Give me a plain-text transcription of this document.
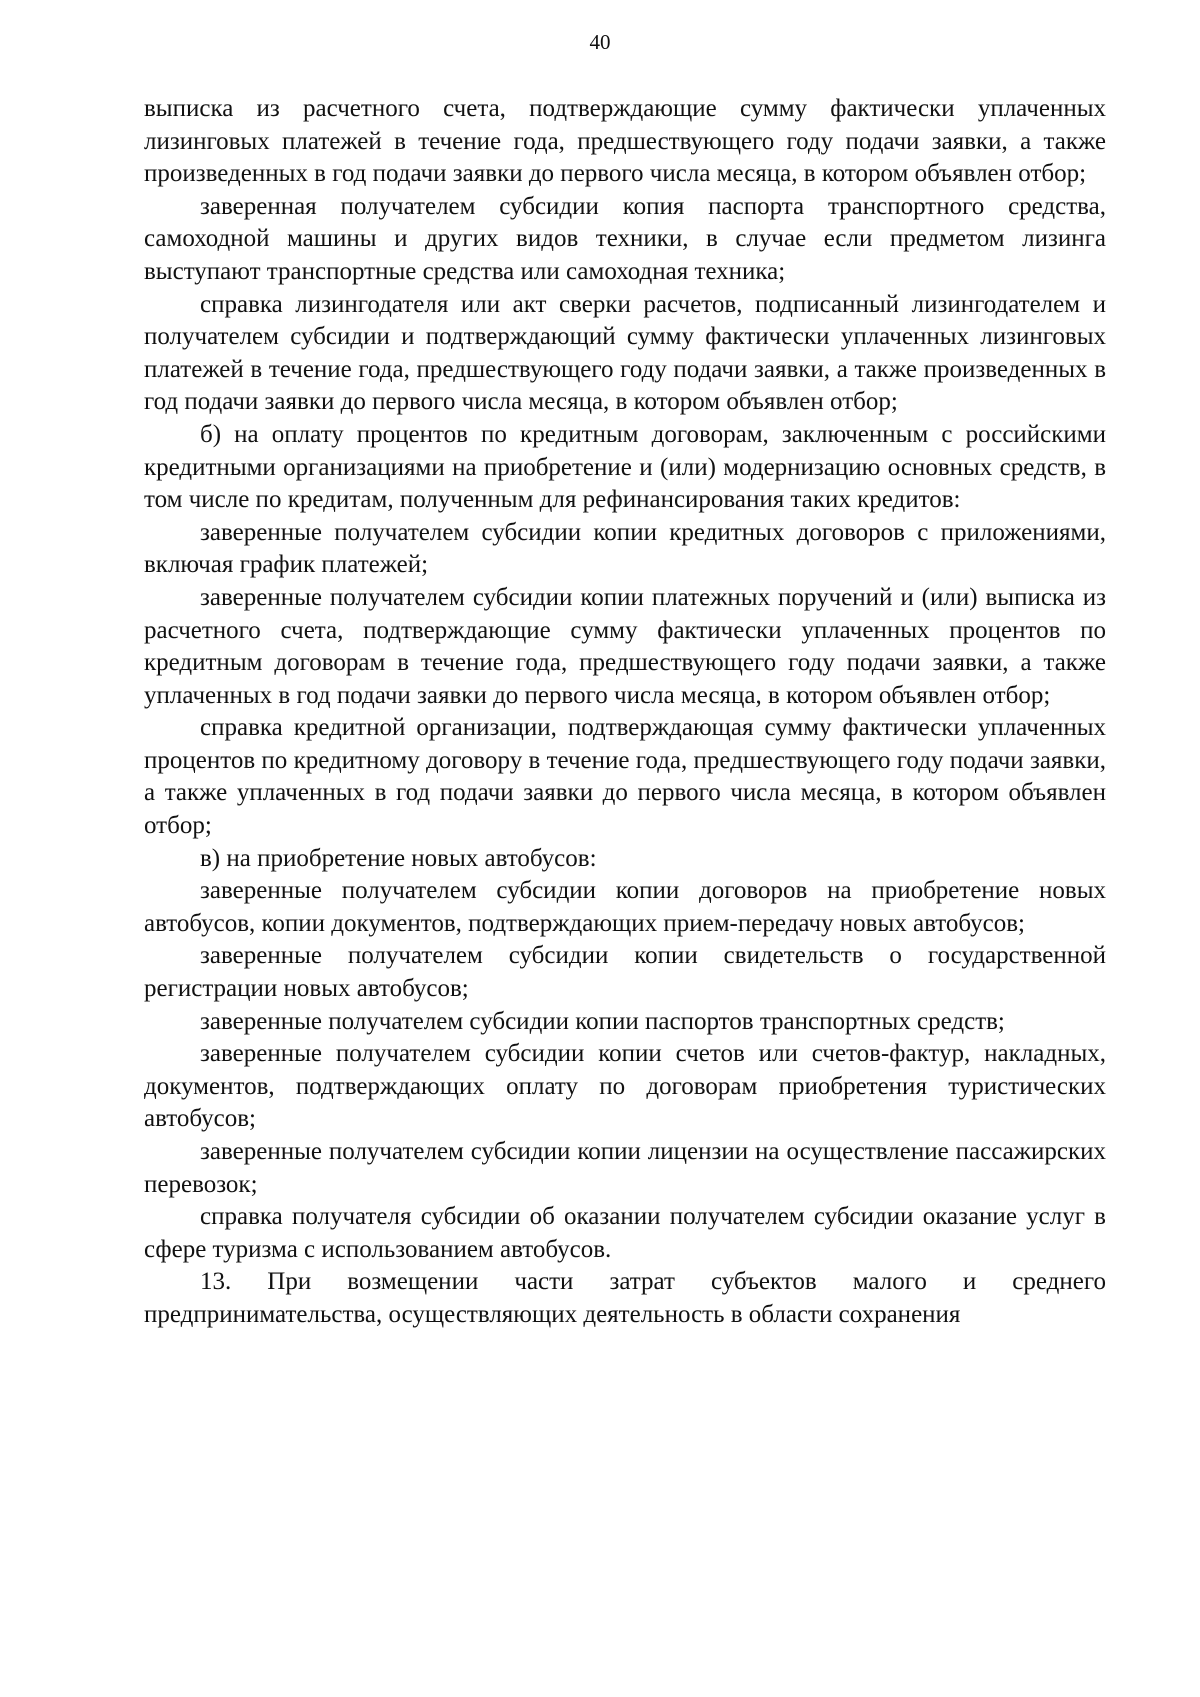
40

выписка из расчетного счета, подтверждающие сумму фактически уплаченных лизинговых платежей в течение года, предшествующего году подачи заявки, а также произведенных в год подачи заявки до первого числа месяца, в котором объявлен отбор;

заверенная получателем субсидии копия паспорта транспортного средства, самоходной машины и других видов техники, в случае если предметом лизинга выступают транспортные средства или самоходная техника;

справка лизингодателя или акт сверки расчетов, подписанный лизингодателем и получателем субсидии и подтверждающий сумму фактически уплаченных лизинговых платежей в течение года, предшествующего году подачи заявки, а также произведенных в год подачи заявки до первого числа месяца, в котором объявлен отбор;

б) на оплату процентов по кредитным договорам, заключенным с российскими кредитными организациями на приобретение и (или) модернизацию основных средств, в том числе по кредитам, полученным для рефинансирования таких кредитов:

заверенные получателем субсидии копии кредитных договоров с приложениями, включая график платежей;

заверенные получателем субсидии копии платежных поручений и (или) выписка из расчетного счета, подтверждающие сумму фактически уплаченных процентов по кредитным договорам в течение года, предшествующего году подачи заявки, а также уплаченных в год подачи заявки до первого числа месяца, в котором объявлен отбор;

справка кредитной организации, подтверждающая сумму фактически уплаченных процентов по кредитному договору в течение года, предшествующего году подачи заявки, а также уплаченных в год подачи заявки до первого числа месяца, в котором объявлен отбор;

в) на приобретение новых автобусов:

заверенные получателем субсидии копии договоров на приобретение новых автобусов, копии документов, подтверждающих прием-передачу новых автобусов;

заверенные получателем субсидии копии свидетельств о государственной регистрации новых автобусов;

заверенные получателем субсидии копии паспортов транспортных средств;

заверенные получателем субсидии копии счетов или счетов-фактур, накладных, документов, подтверждающих оплату по договорам приобретения туристических автобусов;

заверенные получателем субсидии копии лицензии на осуществление пассажирских перевозок;

справка получателя субсидии об оказании получателем субсидии оказание услуг в сфере туризма с использованием автобусов.

13. При возмещении части затрат субъектов малого и среднего предпринимательства, осуществляющих деятельность в области сохранения
